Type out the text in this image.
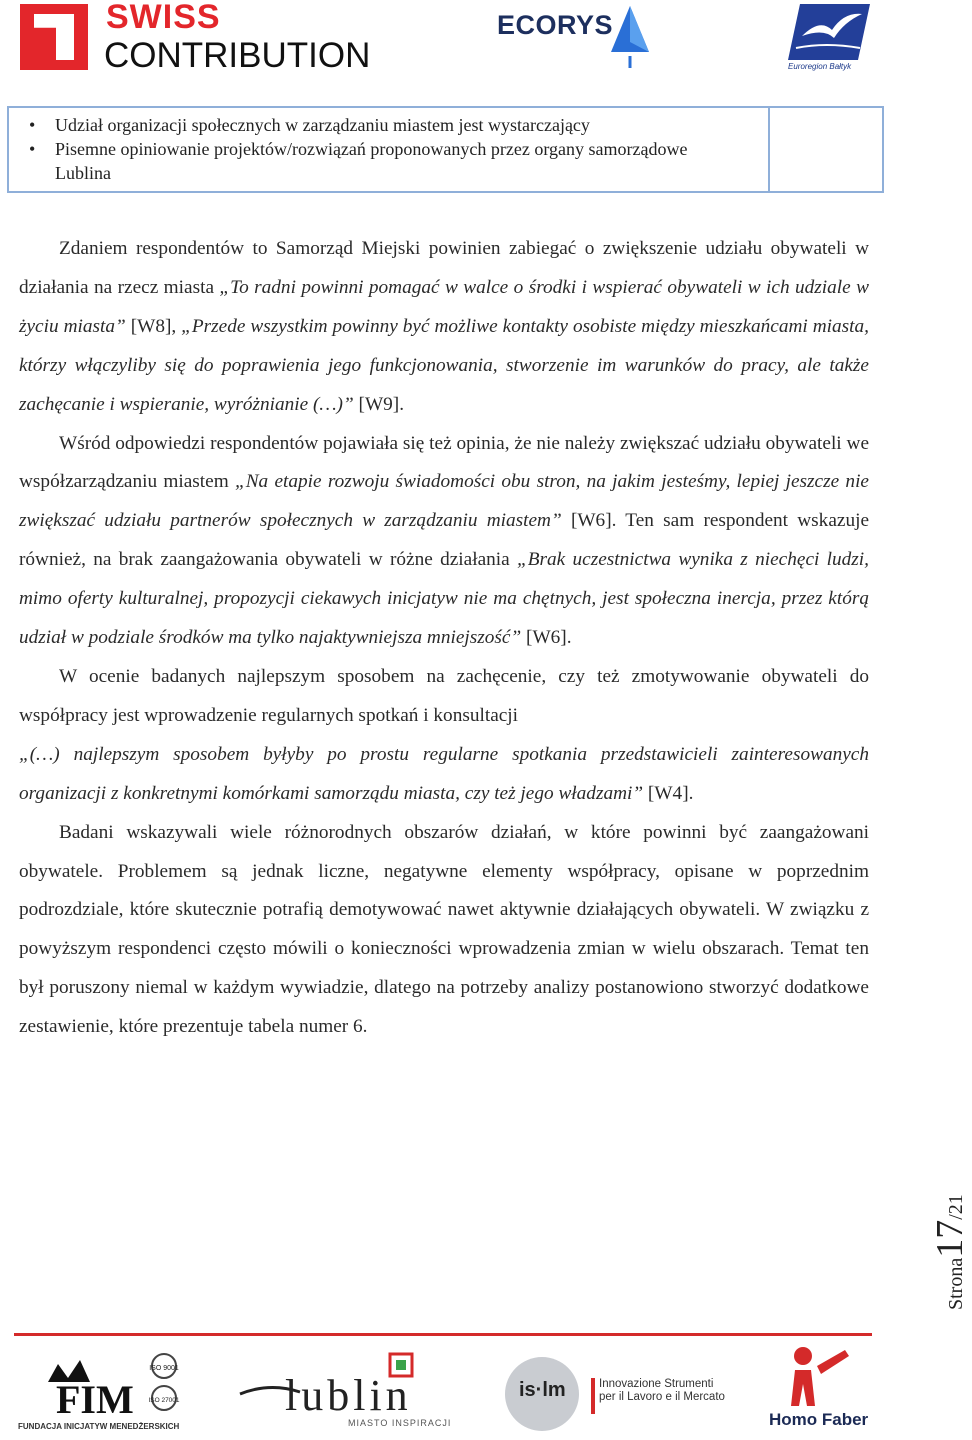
SWISS
CONTRIBUTION
ECORYS
Euroregion Bałtyk
• Udział organizacji społecznych w zarządzaniu miastem jest wystarczający
• Pisemne opiniowanie projektów/rozwiązań proponowanych przez organy samorządowe Lublina

Zdaniem respondentów to Samorząd Miejski powinien zabiegać o zwiększenie udziału obywateli w działania na rzecz miasta „To radni powinni pomagać w walce o środki i wspierać obywateli w ich udziale w życiu miasta” [W8], „Przede wszystkim powinny być możliwe kontakty osobiste między mieszkańcami miasta, którzy włączyliby się do poprawienia jego funkcjonowania, stworzenie im warunków do pracy, ale także zachęcanie i wspieranie, wyróżnianie (…)” [W9].

Wśród odpowiedzi respondentów pojawiała się też opinia, że nie należy zwiększać udziału obywateli we współzarządzaniu miastem „Na etapie rozwoju świadomości obu stron, na jakim jesteśmy, lepiej jeszcze nie zwiększać udziału partnerów społecznych w zarządzaniu miastem” [W6]. Ten sam respondent wskazuje również, na brak zaangażowania obywateli w różne działania „Brak uczestnictwa wynika z niechęci ludzi, mimo oferty kulturalnej, propozycji ciekawych inicjatyw nie ma chętnych, jest społeczna inercja, przez którą udział w podziale środków ma tylko najaktywniejsza mniejszość” [W6].

W ocenie badanych najlepszym sposobem na zachęcenie, czy też zmotywowanie obywateli do współpracy jest wprowadzenie regularnych spotkań i konsultacji

„(…) najlepszym sposobem byłyby po prostu regularne spotkania przedstawicieli zainteresowanych organizacji z konkretnymi komórkami samorządu miasta, czy też jego władzami” [W4].

Badani wskazywali wiele różnorodnych obszarów działań, w które powinni być zaangażowani obywatele. Problemem są jednak liczne, negatywne elementy współpracy, opisane w poprzednim podrozdziale, które skutecznie potrafią demotywować nawet aktywnie działających obywateli. W związku z powyższym respondenci często mówili o konieczności wprowadzenia zmian w wielu obszarach. Temat ten był poruszony niemal w każdym wywiadzie, dlatego na potrzeby analizy postanowiono stworzyć dodatkowe zestawienie, które prezentuje tabela numer 6.

Strona17/21
ISO 9001
ISO 27001
FIM
FUNDACJA INICJATYW MENEDŻERSKICH
lublin
MIASTO INSPIRACJI
is·lm	Innovazione Strumenti
per il Lavoro e il Mercato
Homo Faber
